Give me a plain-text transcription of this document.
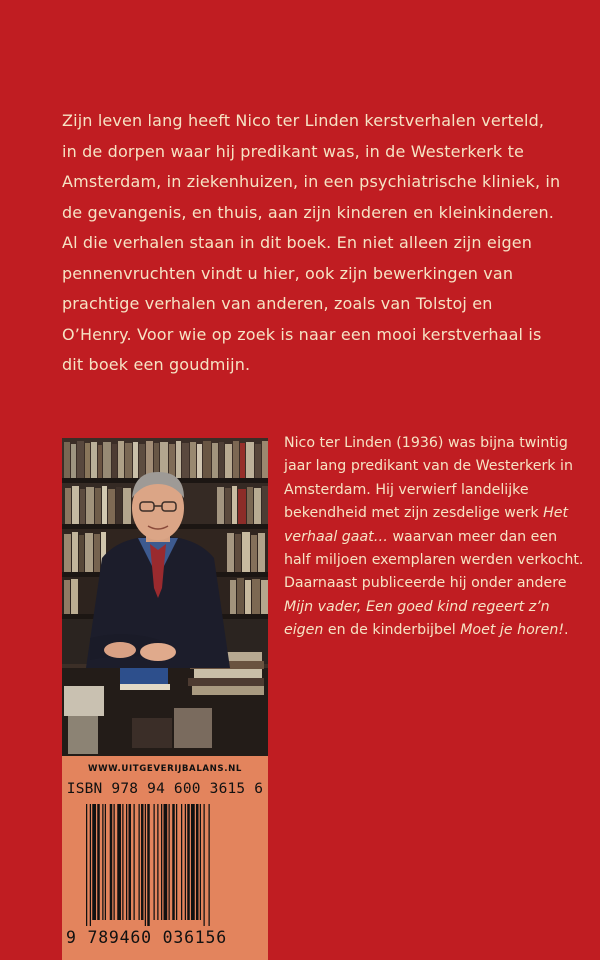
Zijn leven lang heeft Nico ter Linden kerstverhalen verteld, in de dorpen waar hij predikant was, in de Westerkerk te Amsterdam, in ziekenhuizen, in een psychiatrische kliniek, in de gevangenis, en thuis, aan zijn kinderen en kleinkinderen. Al die verhalen staan in dit boek. En niet alleen zijn eigen pennenvruchten vindt u hier, ook zijn bewerkingen van prachtige verhalen van anderen, zoals van Tolstoj en O’Henry. Voor wie op zoek is naar een mooi kerstverhaal is dit boek een goudmijn.

Nico ter Linden (1936) was bijna twintig jaar lang predikant van de Westerkerk in Amsterdam. Hij verwierf landelijke bekendheid met zijn zesdelige werk Het verhaal gaat… waarvan meer dan een half miljoen exemplaren werden verkocht. Daarnaast publiceerde hij onder andere Mijn vader, Een goed kind regeert z’n eigen en de kinderbijbel Moet je horen!.

WWW.UITGEVERIJBALANS.NL
ISBN 978 94 600 3615 6
9 789460 036156
